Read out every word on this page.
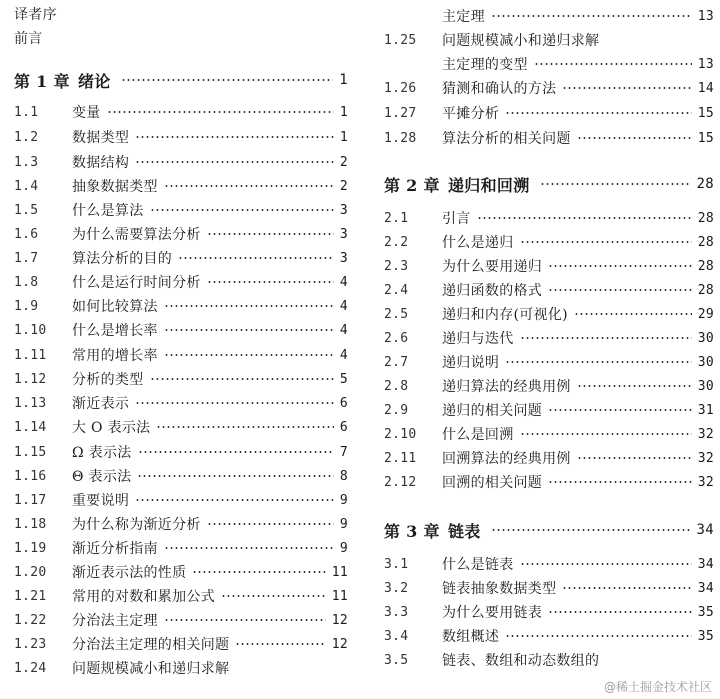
译者序
前言
第 1 章 绪论	1
1.1	变量	1
1.2	数据类型	1
1.3	数据结构	2
1.4	抽象数据类型	2
1.5	什么是算法	3
1.6	为什么需要算法分析	3
1.7	算法分析的目的	3
1.8	什么是运行时间分析	4
1.9	如何比较算法	4
1.10	什么是增长率	4
1.11	常用的增长率	4
1.12	分析的类型	5
1.13	渐近表示	6
1.14	大 O 表示法	6
1.15	Ω 表示法	7
1.16	Θ 表示法	8
1.17	重要说明	9
1.18	为什么称为渐近分析	9
1.19	渐近分析指南	9
1.20	渐近表示法的性质	11
1.21	常用的对数和累加公式	11
1.22	分治法主定理	12
1.23	分治法主定理的相关问题	12
1.24	问题规模减小和递归求解
主定理	13
1.25	问题规模减小和递归求解
主定理的变型	13
1.26	猜测和确认的方法	14
1.27	平摊分析	15
1.28	算法分析的相关问题	15
第 2 章 递归和回溯	28
2.1	引言	28
2.2	什么是递归	28
2.3	为什么要用递归	28
2.4	递归函数的格式	28
2.5	递归和内存(可视化)	29
2.6	递归与迭代	30
2.7	递归说明	30
2.8	递归算法的经典用例	30
2.9	递归的相关问题	31
2.10	什么是回溯	32
2.11	回溯算法的经典用例	32
2.12	回溯的相关问题	32
第 3 章 链表	34
3.1	什么是链表	34
3.2	链表抽象数据类型	34
3.3	为什么要用链表	35
3.4	数组概述	35
3.5	链表、数组和动态数组的
@稀土掘金技术社区
